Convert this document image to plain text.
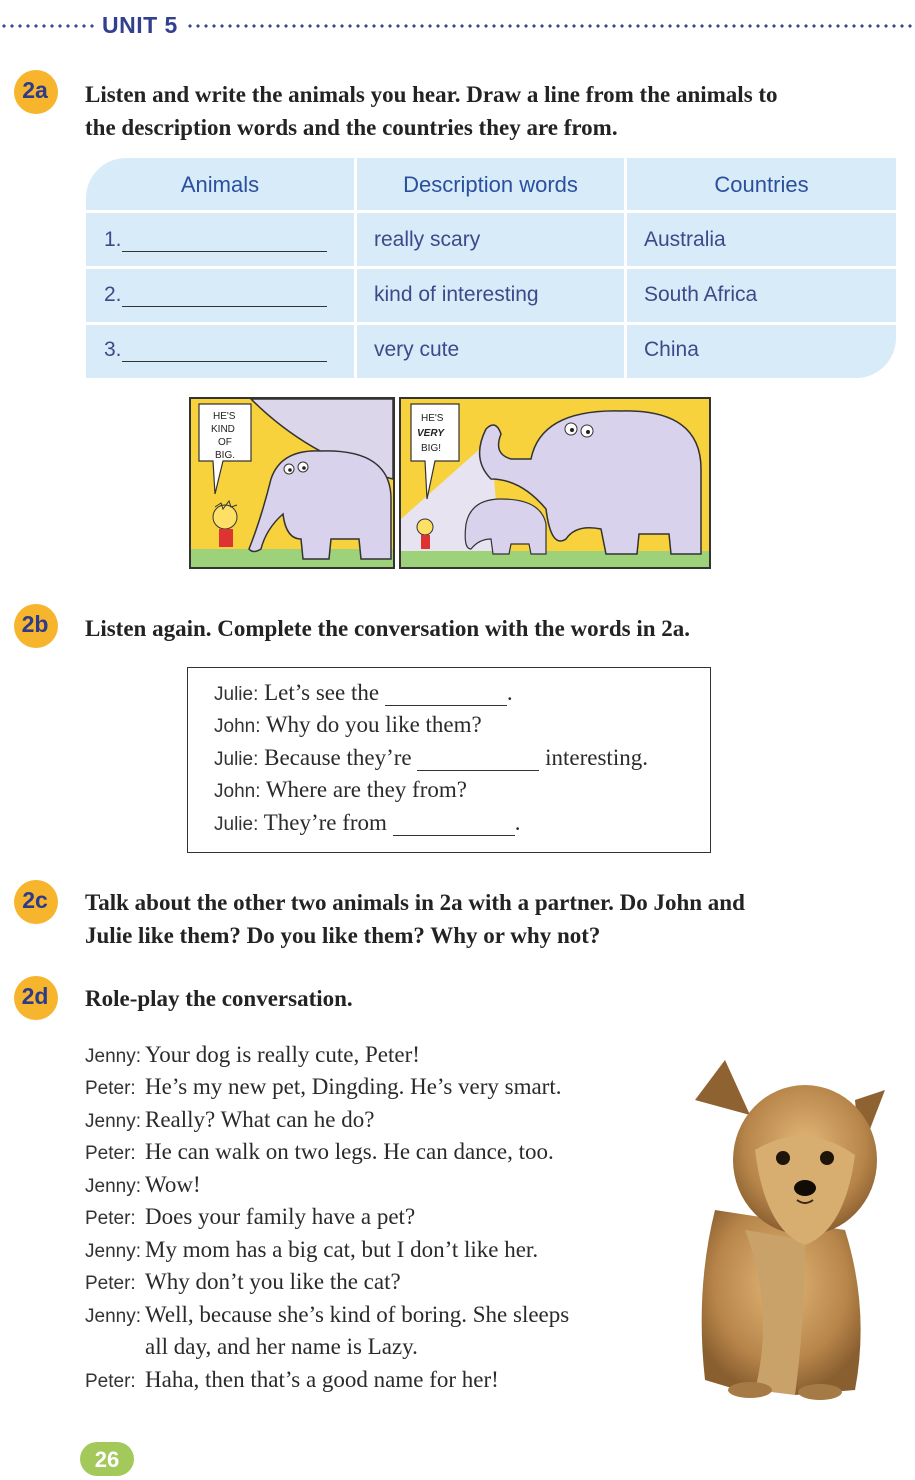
UNIT 5
2a	Listen and write the animals you hear. Draw a line from the animals to
the description words and the countries they are from.
Animals	Description words	Countries
1.	really scary	Australia
2.	kind of interesting	South Africa
3.	very cute	China
HE'S
KIND
OF
BIG.
HE'S
VERY
BIG!
2b	Listen again. Complete the conversation with the words in 2a.
Julie: Let’s see the	.
John: Why do you like them?
Julie: Because they’re	interesting.
John: Where are they from?
Julie: They’re from	.
2c	Talk about the other two animals in 2a with a partner. Do John and
Julie like them? Do you like them? Why or why not?
2d	Role-play the conversation.
Jenny: Your dog is really cute, Peter!
Peter: He’s my new pet, Dingding. He’s very smart.
Jenny: Really? What can he do?
Peter: He can walk on two legs. He can dance, too.
Jenny: Wow!
Peter: Does your family have a pet?
Jenny: My mom has a big cat, but I don’t like her.
Peter: Why don’t you like the cat?
Jenny: Well, because she’s kind of boring. She sleeps
all day, and her name is Lazy.
Peter: Haha, then that’s a good name for her!
26
